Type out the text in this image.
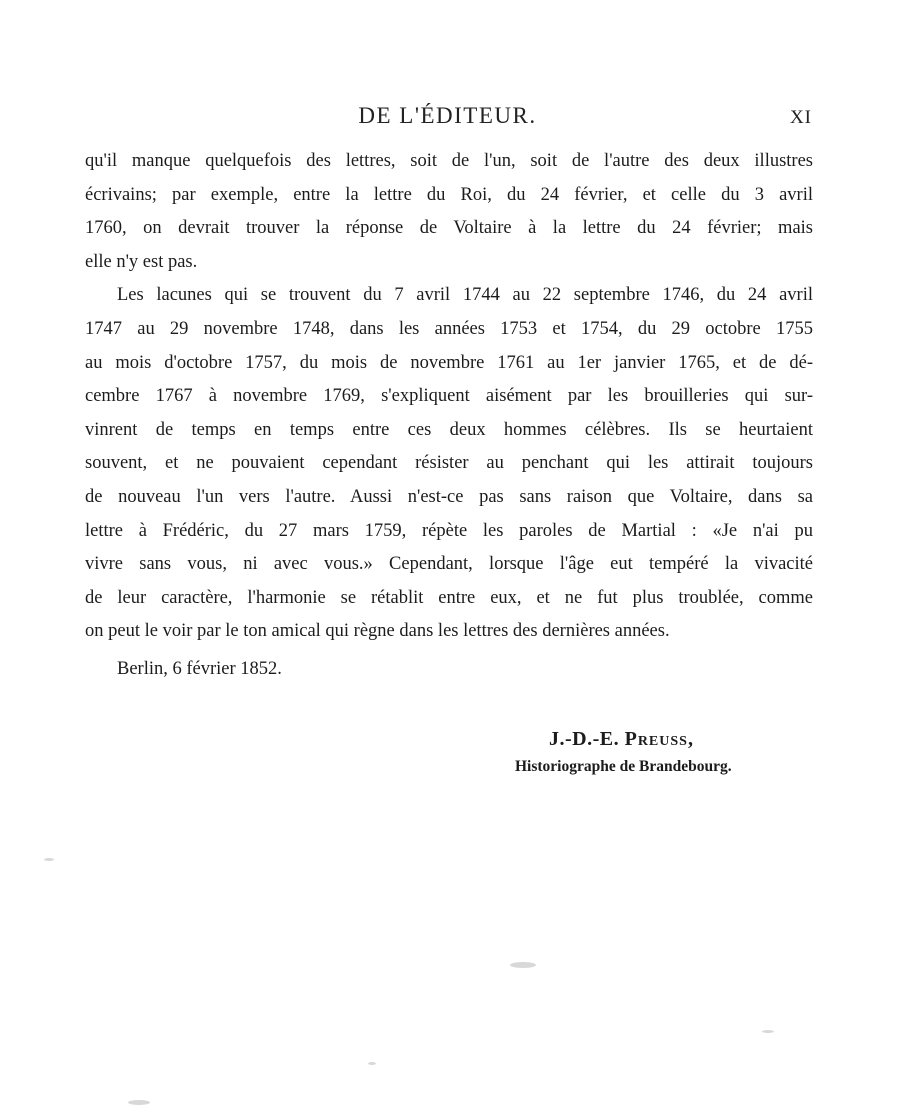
DE L'ÉDITEUR.	XI
qu'il manque quelquefois des lettres, soit de l'un, soit de l'autre des deux illustres
écrivains; par exemple, entre la lettre du Roi, du 24 février, et celle du 3 avril
1760, on devrait trouver la réponse de Voltaire à la lettre du 24 février; mais
elle n'y est pas.
Les lacunes qui se trouvent du 7 avril 1744 au 22 septembre 1746, du 24 avril
1747 au 29 novembre 1748, dans les années 1753 et 1754, du 29 octobre 1755
au mois d'octobre 1757, du mois de novembre 1761 au 1er janvier 1765, et de dé-
cembre 1767 à novembre 1769, s'expliquent aisément par les brouilleries qui sur-
vinrent de temps en temps entre ces deux hommes célèbres. Ils se heurtaient
souvent, et ne pouvaient cependant résister au penchant qui les attirait toujours
de nouveau l'un vers l'autre. Aussi n'est-ce pas sans raison que Voltaire, dans sa
lettre à Frédéric, du 27 mars 1759, répète les paroles de Martial : «Je n'ai pu
vivre sans vous, ni avec vous.» Cependant, lorsque l'âge eut tempéré la vivacité
de leur caractère, l'harmonie se rétablit entre eux, et ne fut plus troublée, comme
on peut le voir par le ton amical qui règne dans les lettres des dernières années.
Berlin, 6 février 1852.
J.-D.-E. Preuss,
Historiographe de Brandebourg.
